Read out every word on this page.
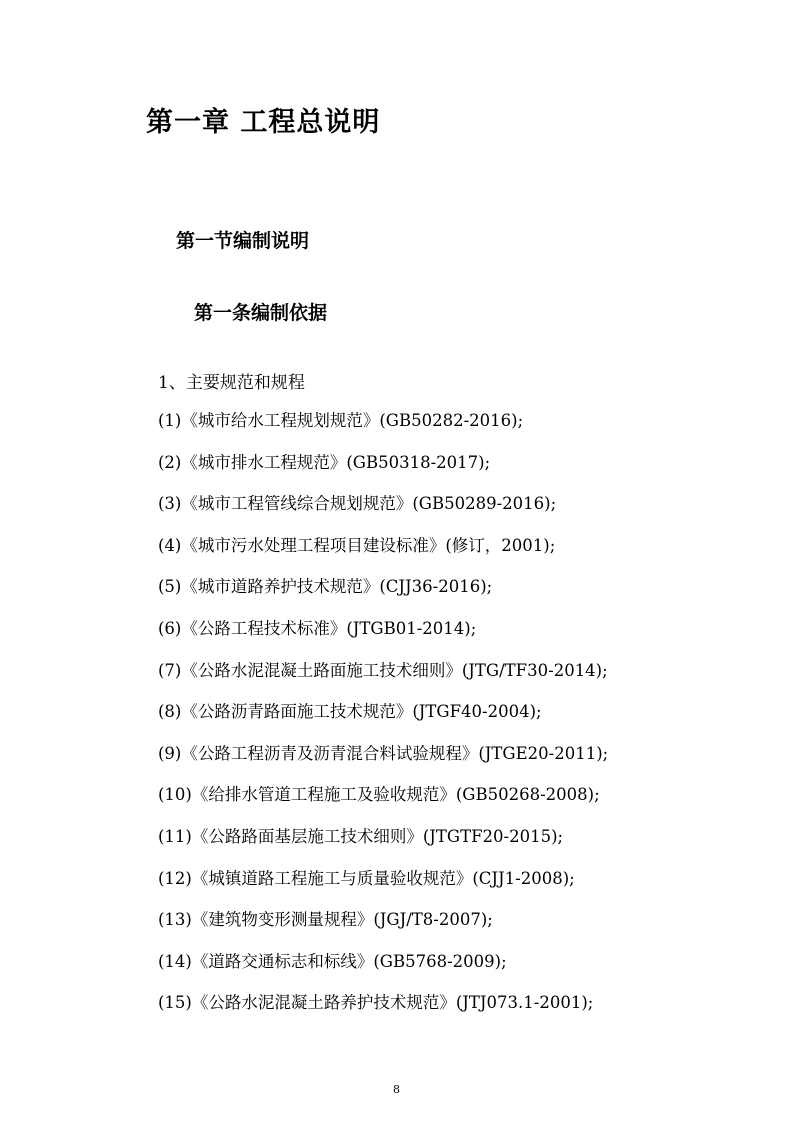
第一章 工程总说明
第一节编制说明
第一条编制依据
1、主要规范和规程
(1)《城市给水工程规划规范》(GB50282-2016);
(2)《城市排水工程规范》(GB50318-2017);
(3)《城市工程管线综合规划规范》(GB50289-2016);
(4)《城市污水处理工程项目建设标准》(修订，2001);
(5)《城市道路养护技术规范》(CJJ36-2016);
(6)《公路工程技术标准》(JTGB01-2014);
(7)《公路水泥混凝土路面施工技术细则》(JTG/TF30-2014);
(8)《公路沥青路面施工技术规范》(JTGF40-2004);
(9)《公路工程沥青及沥青混合料试验规程》(JTGE20-2011);
(10)《给排水管道工程施工及验收规范》(GB50268-2008);
(11)《公路路面基层施工技术细则》(JTGTF20-2015);
(12)《城镇道路工程施工与质量验收规范》(CJJ1-2008);
(13)《建筑物变形测量规程》(JGJ/T8-2007);
(14)《道路交通标志和标线》(GB5768-2009);
(15)《公路水泥混凝土路养护技术规范》(JTJ073.1-2001);
8
